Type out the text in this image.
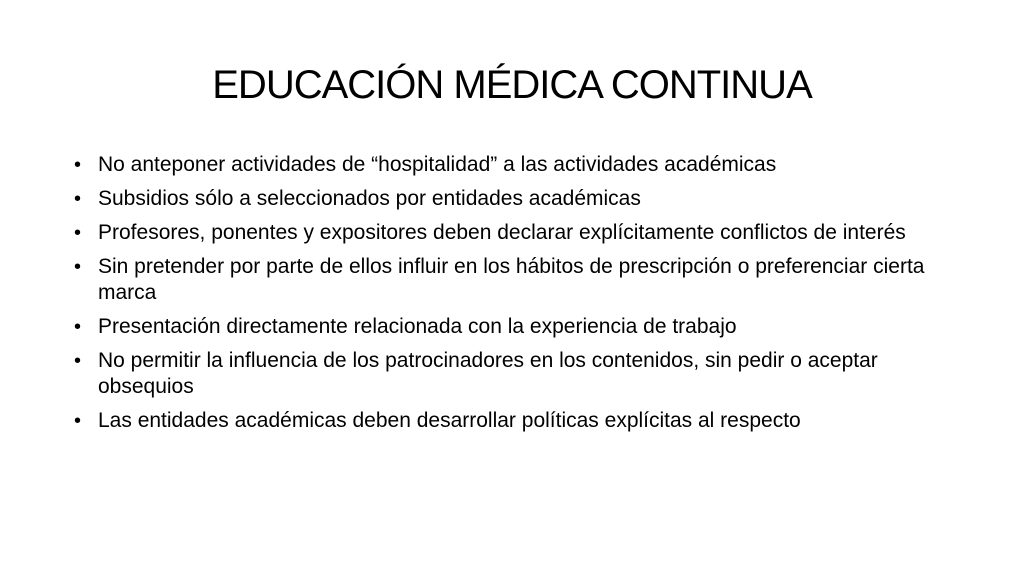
EDUCACIÓN MÉDICA CONTINUA
• No anteponer actividades de “hospitalidad” a las actividades académicas
• Subsidios sólo a seleccionados por entidades académicas
• Profesores, ponentes y expositores deben declarar explícitamente conflictos de interés
• Sin pretender por parte de ellos influir en los hábitos de prescripción o preferenciar cierta marca
• Presentación directamente relacionada con la experiencia de trabajo
• No permitir la influencia de los patrocinadores en los contenidos, sin pedir o aceptar obsequios
• Las entidades académicas deben desarrollar políticas explícitas al respecto
